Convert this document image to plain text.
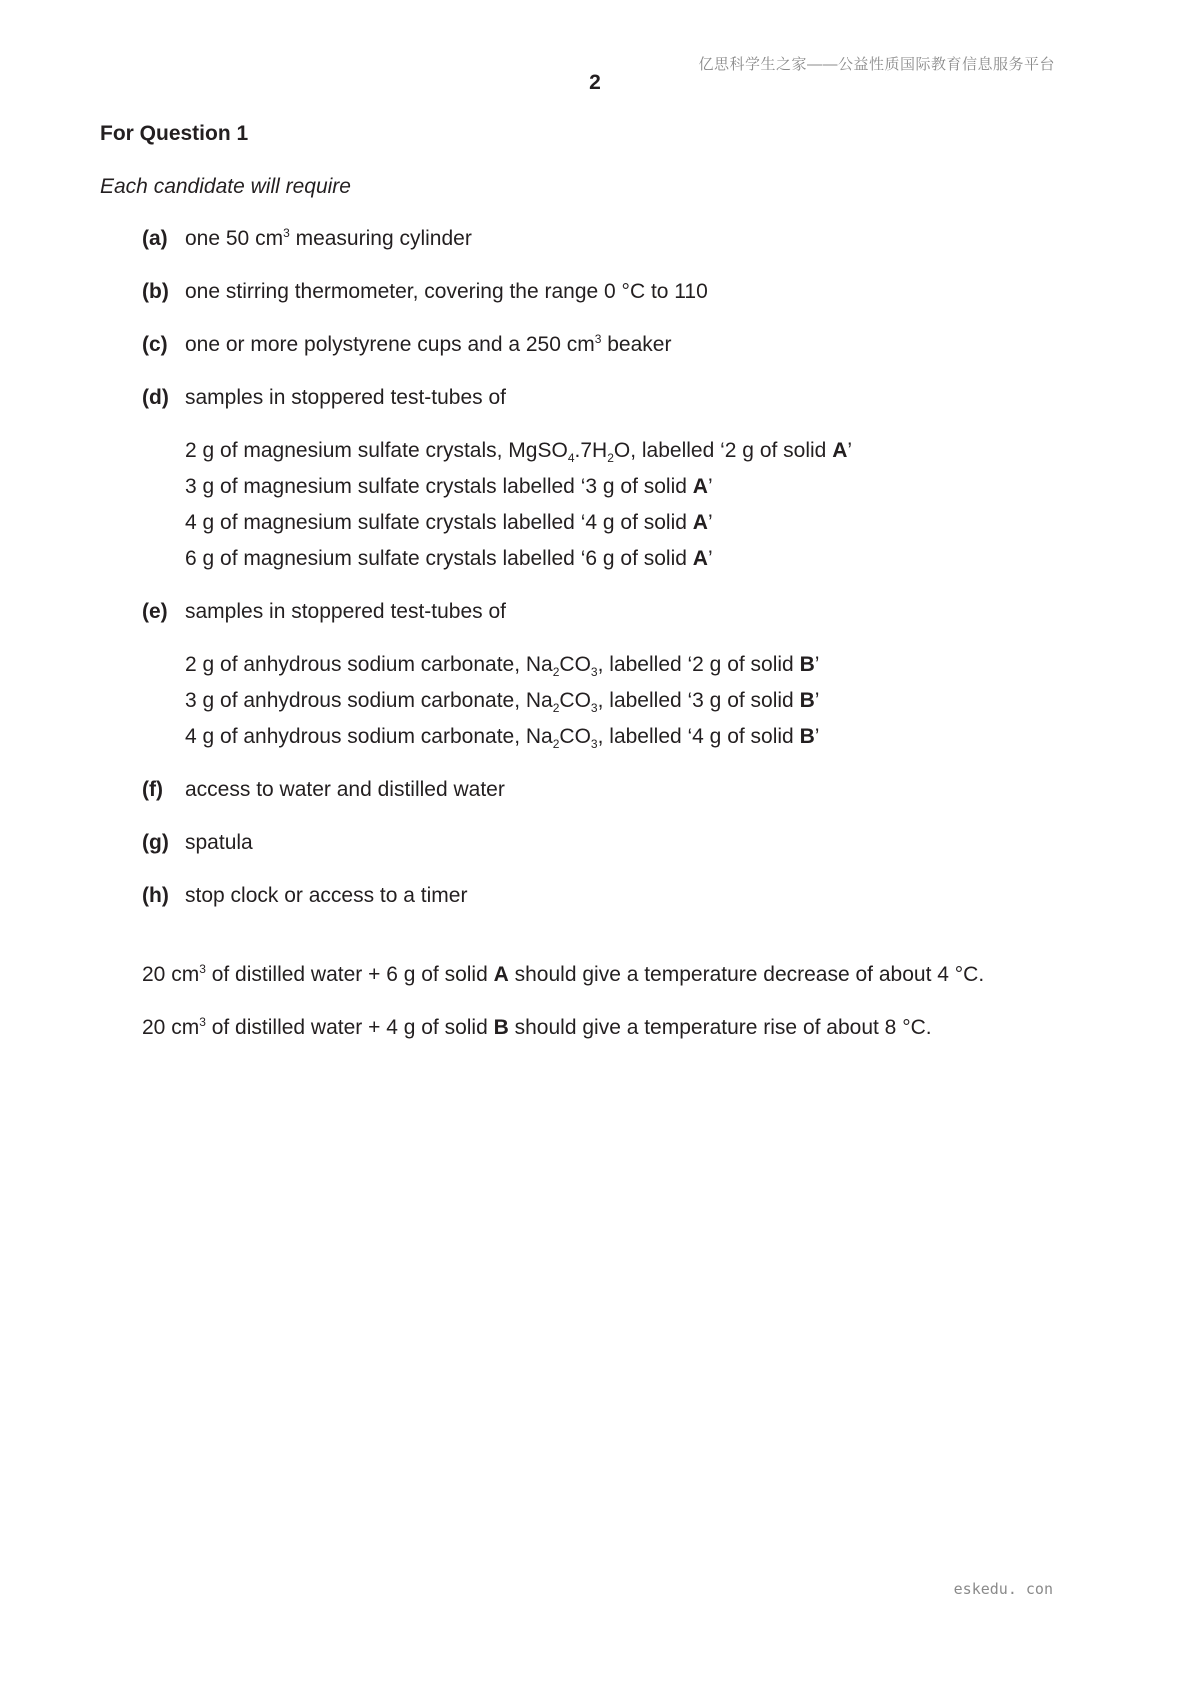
亿思科学生之家——公益性质国际教育信息服务平台
2
For Question 1
Each candidate will require
(a) one 50 $cm^3$ measuring cylinder
(b) one stirring thermometer, covering the range 0 °C to 110
(c) one or more polystyrene cups and a 250 $cm^3$ beaker
(d) samples in stoppered test-tubes of
2 g of magnesium sulfate crystals, $MgSO_4.7H_2O$, labelled ‘2 g of solid A’
3 g of magnesium sulfate crystals labelled ‘3 g of solid A’
4 g of magnesium sulfate crystals labelled ‘4 g of solid A’
6 g of magnesium sulfate crystals labelled ‘6 g of solid A’
(e) samples in stoppered test-tubes of
2 g of anhydrous sodium carbonate, $Na_2CO_3$, labelled ‘2 g of solid B’
3 g of anhydrous sodium carbonate, $Na_2CO_3$, labelled ‘3 g of solid B’
4 g of anhydrous sodium carbonate, $Na_2CO_3$, labelled ‘4 g of solid B’
(f) access to water and distilled water
(g) spatula
(h) stop clock or access to a timer
20 $cm^3$ of distilled water + 6 g of solid A should give a temperature decrease of about 4 °C.
20 $cm^3$ of distilled water + 4 g of solid B should give a temperature rise of about 8 °C.
eskedu. con
